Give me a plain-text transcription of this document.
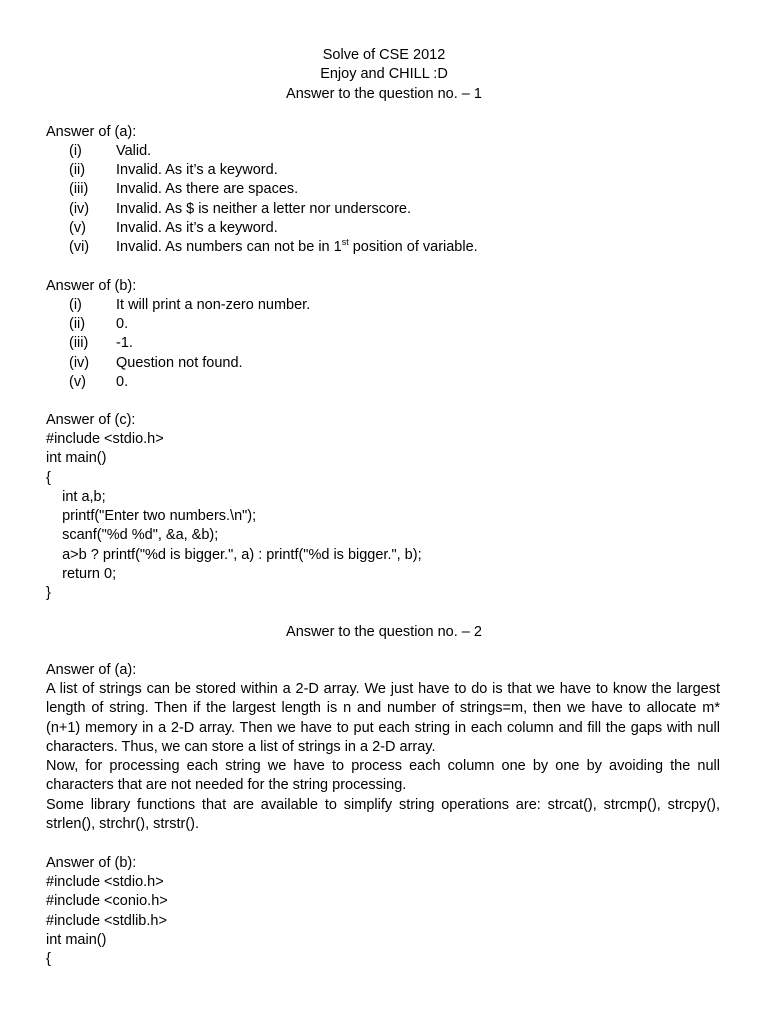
Solve of CSE 2012
Enjoy and CHILL :D
Answer to the question no. – 1
Answer of (a):
(i) Valid.
(ii) Invalid. As it’s a keyword.
(iii) Invalid. As there are spaces.
(iv) Invalid. As $ is neither a letter nor underscore.
(v) Invalid. As it’s a keyword.
(vi) Invalid. As numbers can not be in 1st position of variable.
Answer of (b):
(i) It will print a non-zero number.
(ii) 0.
(iii) -1.
(iv) Question not found.
(v) 0.
Answer of (c):
#include <stdio.h>
int main()
{
int a,b;
printf("Enter two numbers.\n");
scanf("%d %d", &a, &b);
a>b ? printf("%d is bigger.", a) : printf("%d is bigger.", b);
return 0;
}
Answer to the question no. – 2
Answer of (a):
A list of strings can be stored within a 2-D array. We just have to do is that we have to know the largest length of string. Then if the largest length is n and number of strings=m, then we have to allocate m*(n+1) memory in a 2-D array. Then we have to put each string in each column and fill the gaps with null characters. Thus, we can store a list of strings in a 2-D array.
Now, for processing each string we have to process each column one by one by avoiding the null characters that are not needed for the string processing.
Some library functions that are available to simplify string operations are: strcat(), strcmp(), strcpy(), strlen(), strchr(), strstr().
Answer of (b):
#include <stdio.h>
#include <conio.h>
#include <stdlib.h>
int main()
{
